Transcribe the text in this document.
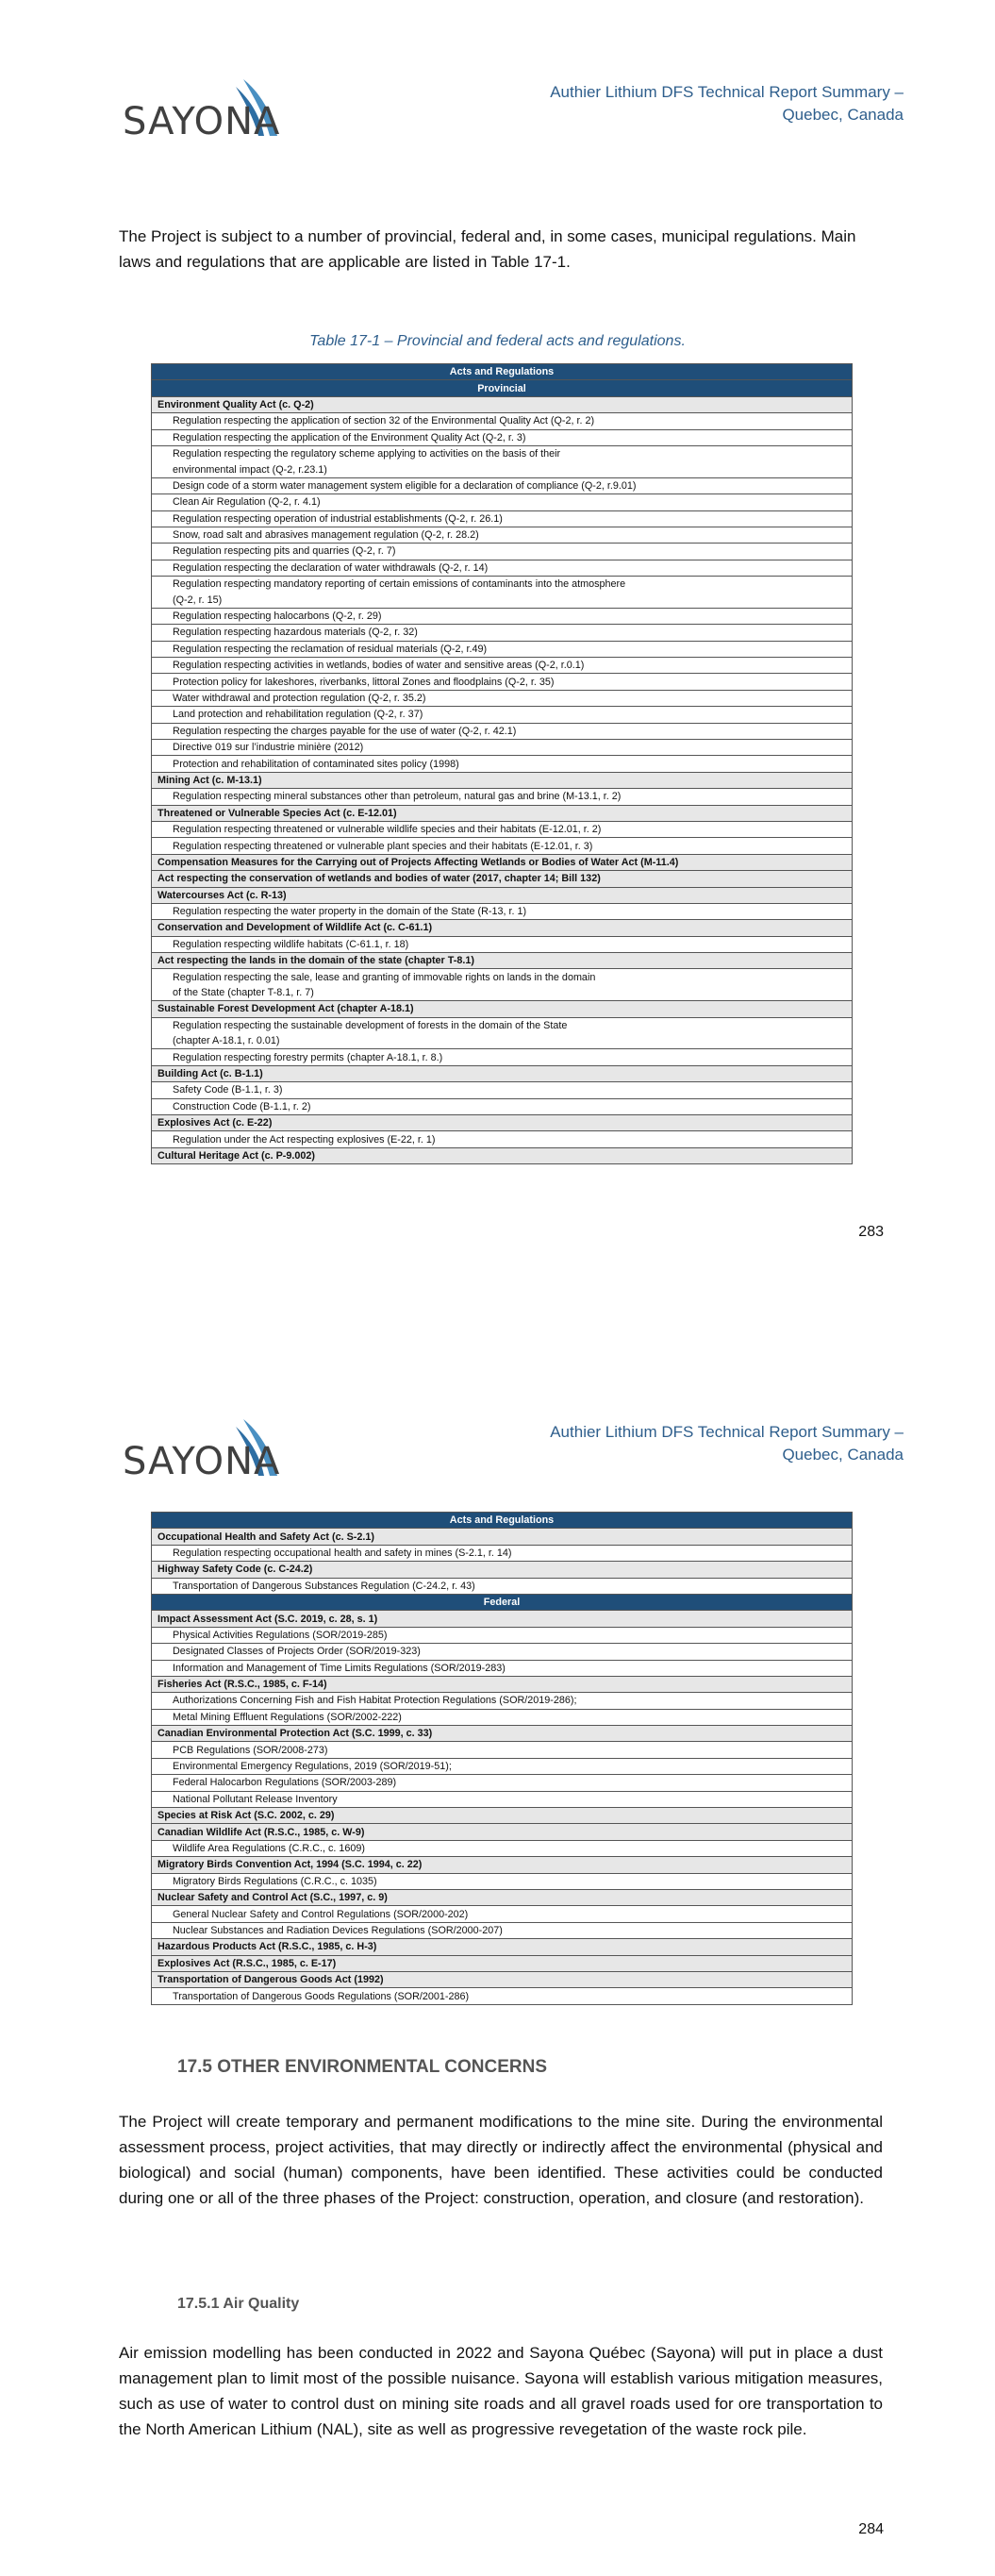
SAYONA
Authier Lithium DFS Technical Report Summary –
Quebec, Canada
The Project is subject to a number of provincial, federal and, in some cases, municipal regulations. Main laws and regulations that are applicable are listed in Table 17-1.
Table 17-1 – Provincial and federal acts and regulations.
Acts and Regulations
Provincial
Environment Quality Act (c. Q-2)
Regulation respecting the application of section 32 of the Environmental Quality Act (Q-2, r. 2)
Regulation respecting the application of the Environment Quality Act (Q-2, r. 3)
Regulation respecting the regulatory scheme applying to activities on the basis of their
environmental impact (Q-2, r.23.1)
Design code of a storm water management system eligible for a declaration of compliance (Q-2, r.9.01)
Clean Air Regulation (Q-2, r. 4.1)
Regulation respecting operation of industrial establishments (Q-2, r. 26.1)
Snow, road salt and abrasives management regulation (Q-2, r. 28.2)
Regulation respecting pits and quarries (Q-2, r. 7)
Regulation respecting the declaration of water withdrawals (Q-2, r. 14)
Regulation respecting mandatory reporting of certain emissions of contaminants into the atmosphere
(Q-2, r. 15)
Regulation respecting halocarbons (Q-2, r. 29)
Regulation respecting hazardous materials (Q-2, r. 32)
Regulation respecting the reclamation of residual materials (Q-2, r.49)
Regulation respecting activities in wetlands, bodies of water and sensitive areas (Q-2, r.0.1)
Protection policy for lakeshores, riverbanks, littoral Zones and floodplains (Q-2, r. 35)
Water withdrawal and protection regulation (Q-2, r. 35.2)
Land protection and rehabilitation regulation (Q-2, r. 37)
Regulation respecting the charges payable for the use of water (Q-2, r. 42.1)
Directive 019 sur l’industrie minière (2012)
Protection and rehabilitation of contaminated sites policy (1998)
Mining Act (c. M-13.1)
Regulation respecting mineral substances other than petroleum, natural gas and brine (M-13.1, r. 2)
Threatened or Vulnerable Species Act (c. E-12.01)
Regulation respecting threatened or vulnerable wildlife species and their habitats (E-12.01, r. 2)
Regulation respecting threatened or vulnerable plant species and their habitats (E-12.01, r. 3)
Compensation Measures for the Carrying out of Projects Affecting Wetlands or Bodies of Water Act (M-11.4)
Act respecting the conservation of wetlands and bodies of water (2017, chapter 14; Bill 132)
Watercourses Act (c. R-13)
Regulation respecting the water property in the domain of the State (R-13, r. 1)
Conservation and Development of Wildlife Act (c. C-61.1)
Regulation respecting wildlife habitats (C-61.1, r. 18)
Act respecting the lands in the domain of the state (chapter T-8.1)
Regulation respecting the sale, lease and granting of immovable rights on lands in the domain
of the State (chapter T-8.1, r. 7)
Sustainable Forest Development Act (chapter A-18.1)
Regulation respecting the sustainable development of forests in the domain of the State
(chapter A-18.1, r. 0.01)
Regulation respecting forestry permits (chapter A-18.1, r. 8.)
Building Act (c. B-1.1)
Safety Code (B-1.1, r. 3)
Construction Code (B-1.1, r. 2)
Explosives Act (c. E-22)
Regulation under the Act respecting explosives (E-22, r. 1)
Cultural Heritage Act (c. P-9.002)
283
SAYONA
Authier Lithium DFS Technical Report Summary –
Quebec, Canada
Acts and Regulations
Occupational Health and Safety Act (c. S-2.1)
Regulation respecting occupational health and safety in mines (S-2.1, r. 14)
Highway Safety Code (c. C-24.2)
Transportation of Dangerous Substances Regulation (C-24.2, r. 43)
Federal
Impact Assessment Act (S.C. 2019, c. 28, s. 1)
Physical Activities Regulations (SOR/2019-285)
Designated Classes of Projects Order (SOR/2019-323)
Information and Management of Time Limits Regulations (SOR/2019-283)
Fisheries Act (R.S.C., 1985, c. F-14)
Authorizations Concerning Fish and Fish Habitat Protection Regulations (SOR/2019-286);
Metal Mining Effluent Regulations (SOR/2002-222)
Canadian Environmental Protection Act (S.C. 1999, c. 33)
PCB Regulations (SOR/2008-273)
Environmental Emergency Regulations, 2019 (SOR/2019-51);
Federal Halocarbon Regulations (SOR/2003-289)
National Pollutant Release Inventory
Species at Risk Act (S.C. 2002, c. 29)
Canadian Wildlife Act (R.S.C., 1985, c. W-9)
Wildlife Area Regulations (C.R.C., c. 1609)
Migratory Birds Convention Act, 1994 (S.C. 1994, c. 22)
Migratory Birds Regulations (C.R.C., c. 1035)
Nuclear Safety and Control Act (S.C., 1997, c. 9)
General Nuclear Safety and Control Regulations (SOR/2000-202)
Nuclear Substances and Radiation Devices Regulations (SOR/2000-207)
Hazardous Products Act (R.S.C., 1985, c. H-3)
Explosives Act (R.S.C., 1985, c. E-17)
Transportation of Dangerous Goods Act (1992)
Transportation of Dangerous Goods Regulations (SOR/2001-286)
17.5 OTHER ENVIRONMENTAL CONCERNS
The Project will create temporary and permanent modifications to the mine site. During the environmental assessment process, project activities, that may directly or indirectly affect the environmental (physical and biological) and social (human) components, have been identified. These activities could be conducted during one or all of the three phases of the Project: construction, operation, and closure (and restoration).
17.5.1 Air Quality
Air emission modelling has been conducted in 2022 and Sayona Québec (Sayona) will put in place a dust management plan to limit most of the possible nuisance. Sayona will establish various mitigation measures, such as use of water to control dust on mining site roads and all gravel roads used for ore transportation to the North American Lithium (NAL), site as well as progressive revegetation of the waste rock pile.
284
